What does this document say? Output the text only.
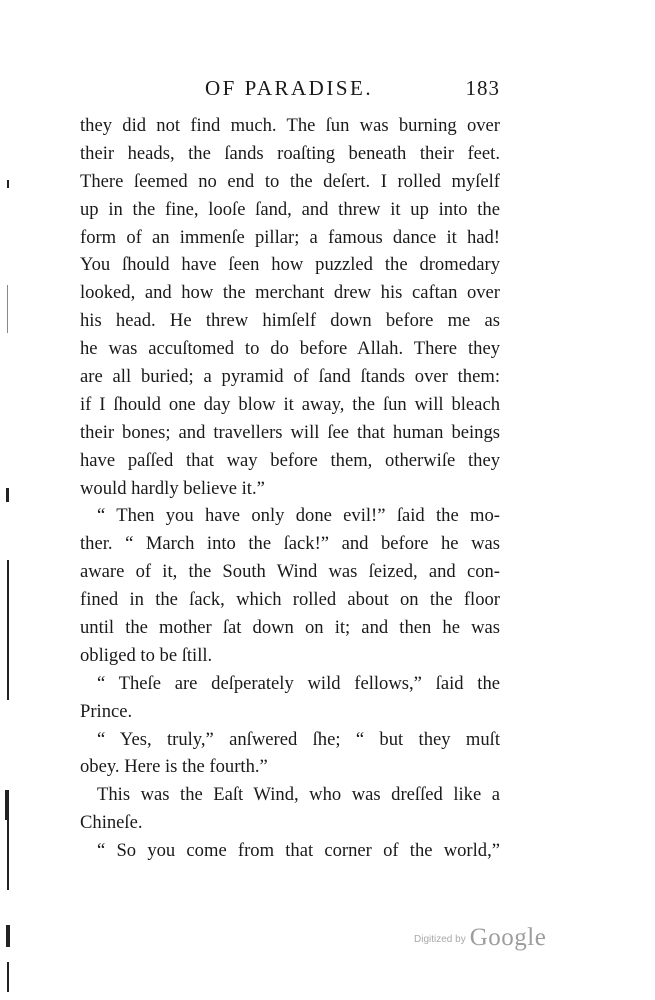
OF PARADISE.	183
they did not find much. The ſun was burning over
their heads, the ſands roaſting beneath their feet.
There ſeemed no end to the deſert. I rolled myſelf
up in the fine, looſe ſand, and threw it up into the
form of an immenſe pillar; a famous dance it had!
You ſhould have ſeen how puzzled the dromedary
looked, and how the merchant drew his caftan over
his head. He threw himſelf down before me as
he was accuſtomed to do before Allah. There they
are all buried; a pyramid of ſand ſtands over them:
if I ſhould one day blow it away, the ſun will bleach
their bones; and travellers will ſee that human beings
have paſſed that way before them, otherwiſe they
would hardly believe it.”
“ Then you have only done evil!” ſaid the mo-
ther. “ March into the ſack!” and before he was
aware of it, the South Wind was ſeized, and con-
fined in the ſack, which rolled about on the floor
until the mother ſat down on it; and then he was
obliged to be ſtill.
“ Theſe are deſperately wild fellows,” ſaid the
Prince.
“ Yes, truly,” anſwered ſhe; “ but they muſt
obey. Here is the fourth.”
This was the Eaſt Wind, who was dreſſed like a
Chineſe.
“ So you come from that corner of the world,”
Digitized by Google
